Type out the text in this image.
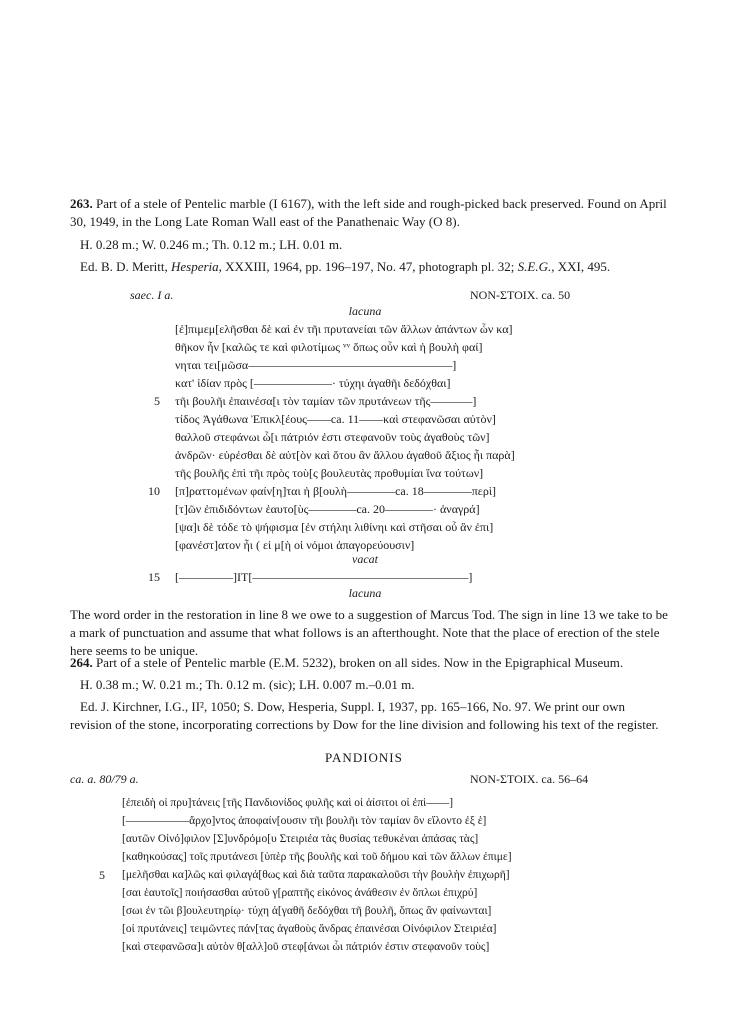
263. Part of a stele of Pentelic marble (I 6167), with the left side and rough-picked back preserved. Found on April 30, 1949, in the Long Late Roman Wall east of the Panathenaic Way (O 8).
H. 0.28 m.; W. 0.246 m.; Th. 0.12 m.; LH. 0.01 m.
Ed. B. D. Meritt, Hesperia, XXXIII, 1964, pp. 196–197, No. 47, photograph pl. 32; S.E.G., XXI, 495.
saec. I a.	NON-ΣΤΟΙΧ. ca. 50
lacuna
[ἐ]πιμεμ[ελῆσθαι δὲ καὶ ἐν τῆι πρυτανείαι τῶν ἄλλων ἁπάντων ὧν κα]
θῆκον ἦν [καλῶς τε καὶ φιλοτίμως ᵛᵛ ὅπως οὖν καὶ ἡ βουλὴ φαί]
νηται τει[μῶσα––––––––––––––––––––––––––––––––––]
κατ' ἰδίαν πρὸς [–––––––––––––· τύχηι ἀγαθῆι δεδόχθαι]
5 τῆι βουλῆι ἐπαινέσα[ι τὸν ταμίαν τῶν πρυτάνεων τῆς–––––––]
τίδος Ἀγάθωνα Ἐπικλ[έους––––ca. 11––––καὶ στεφανῶσαι αὐτὸν]
θαλλοῦ στεφάνωι ὧ[ι πάτριόν ἐστι στεφανοῦν τοὺς ἀγαθοὺς τῶν]
ἀνδρῶν· εὑρέσθαι δὲ αὐτ[ὸν καὶ ὅτου ἂν ἄλλου ἀγαθοῦ ἄξιος ἦι παρὰ]
τῆς βουλῆς ἐπὶ τῆι πρὸς τοὺ[ς βουλευτὰς προθυμίαι ἵνα τούτων]
10 [π]ραττομένων φαίν[η]ται ἡ β[ουλὴ––––––––ca. 18––––––––περὶ]
[τ]ῶν ἐπιδιδόντων ἑαυτο[ὺς––––––––ca. 20––––––––· ἀναγρά]
[ψα]ι δὲ τόδε τὸ ψήφισμα [ἐν στήληι λιθίνηι καὶ στῆσαι οὗ ἂν ἐπι]
[φανέστ]ατον ἦι ( εἰ μ[ὴ οἱ νόμοι ἀπαγορεύουσιν]
vacat
15 [–––––––––]ΙΤ[––––––––––––––––––––––––––––––––––––]
lacuna
The word order in the restoration in line 8 we owe to a suggestion of Marcus Tod. The sign in line 13 we take to be a mark of punctuation and assume that what follows is an afterthought. Note that the place of erection of the stele here seems to be unique.
264. Part of a stele of Pentelic marble (E.M. 5232), broken on all sides. Now in the Epigraphical Museum.
H. 0.38 m.; W. 0.21 m.; Th. 0.12 m. (sic); LH. 0.007 m.–0.01 m.
Ed. J. Kirchner, I.G., II², 1050; S. Dow, Hesperia, Suppl. I, 1937, pp. 165–166, No. 97. We print our own revision of the stone, incorporating corrections by Dow for the line division and following his text of the register.
PANDIONIS
ca. a. 80/79 a.	NON-ΣΤΟΙΧ. ca. 56–64
[ἐπειδὴ οἱ πρυ]τάνεις [τῆς Πανδιονίδος φυλῆς καὶ οἱ ἀίσιτοι οἱ ἐπὶ––––]
[–––––––––––ἄρχο]ντος ἀποφαίν[ουσιν τῆι βουλῆι τὸν ταμίαν ὃν εἵλοντο ἐξ ἑ]
[αυτῶν Οἰνό]φιλον [Σ]υνδρόμο[υ Στειριέα τὰς θυσίας τεθυκέναι ἁπάσας τὰς]
[καθηκούσας] τοῖς πρυτάνεσι [ὑπὲρ τῆς βουλῆς καὶ τοῦ δήμου καὶ τῶν ἄλλων ἐπιμε]
5 [μελῆσθαι κα]λῶς καὶ φιλαγά[θως καὶ διὰ ταῦτα παρακαλοῦσι τὴν βουλὴν ἐπιχωρῆ]
[σαι ἑαυτοῖς] ποιήσασθαι αὐτοῦ γ[ραπτῆς εἰκόνος ἀνάθεσιν ἐν ὅπλωι ἐπιχρύ]
[σωι ἐν τῶι β]ουλευτηρίῳ· τύχη ἀ[γαθῆ δεδόχθαι τῆ βουλῆ, ὅπως ἂν φαίνωνται]
[οἱ πρυτάνεις] τειμῶντες πάν[τας ἀγαθοὺς ἄνδρας ἐπαινέσαι Οἰνόφιλον Στειριέα]
[καὶ στεφανῶσα]ι αὐτὸν θ[αλλ]οῦ στεφ[άνωι ὧι πάτριόν ἐστιν στεφανοῦν τοὺς]
